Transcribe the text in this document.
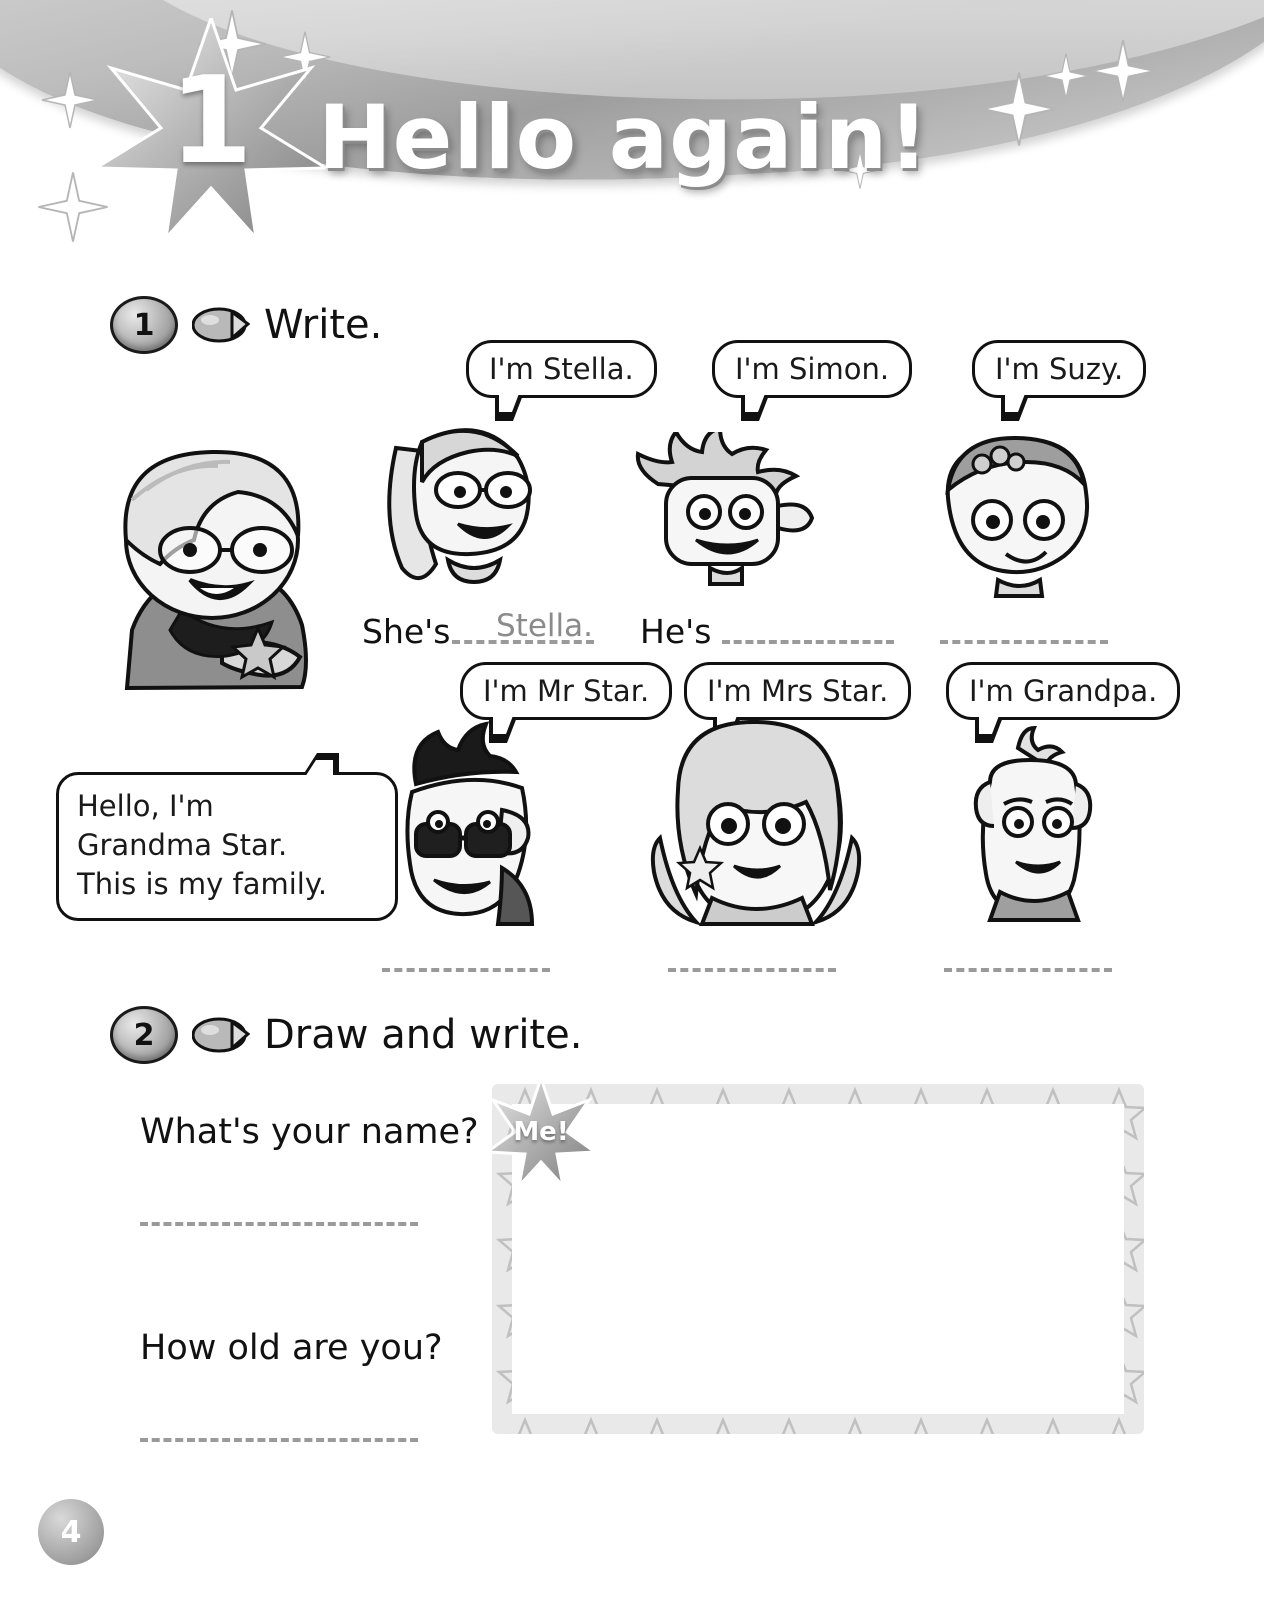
1 Hello again!
1	Write.
I'm Stella.	I'm Simon.	I'm Suzy.
She's Stella. He's
I'm Mr Star.	I'm Mrs Star.	I'm Grandpa.
Hello, I'm
Grandma Star.
This is my family.
2	Draw and write.
What's your name?
How old are you?
Me!
4
